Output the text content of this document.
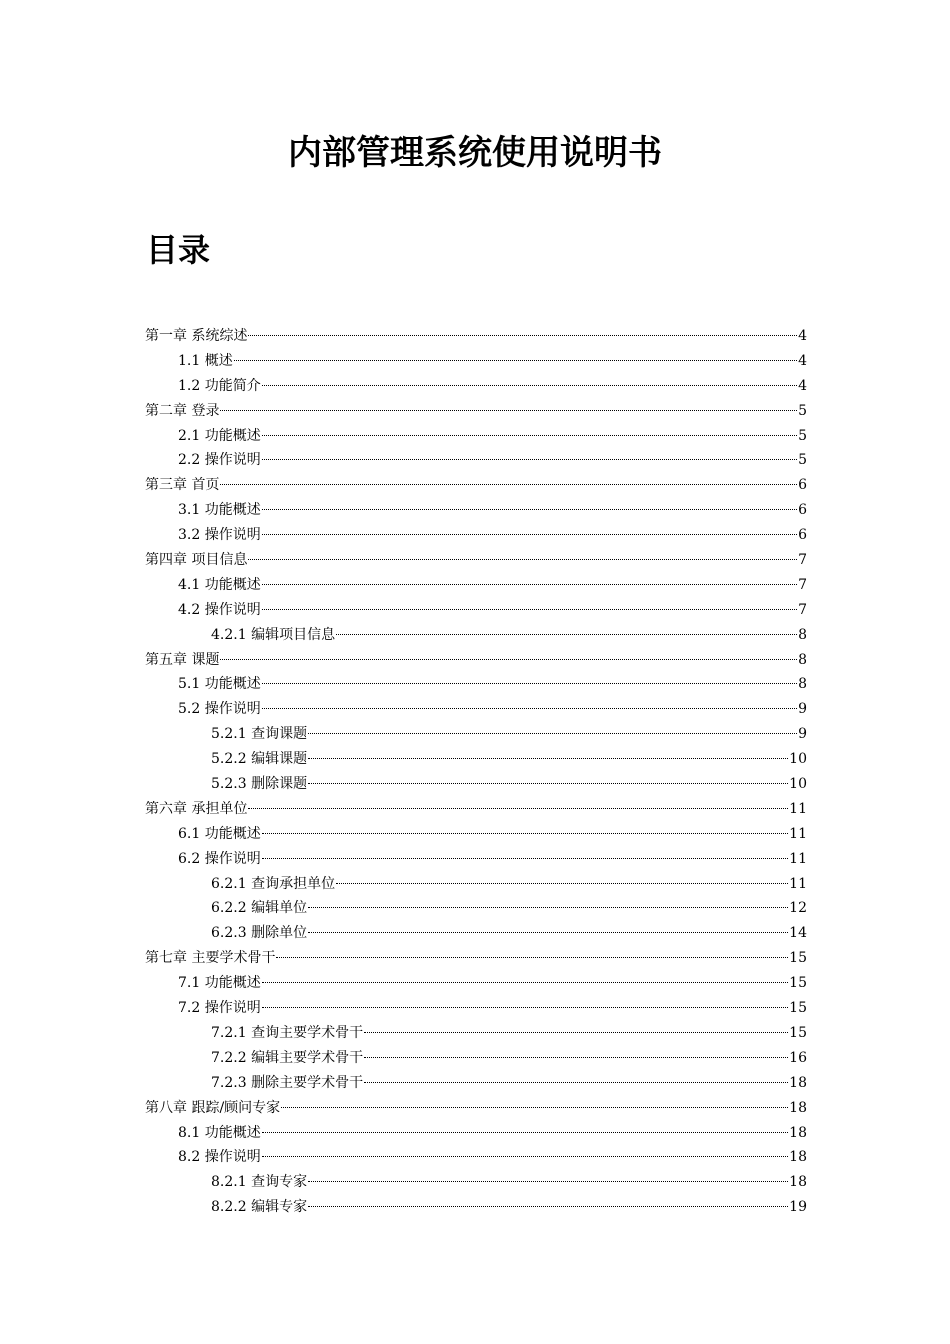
内部管理系统使用说明书
目录
第一章 系统综述	4
1.1 概述	4
1.2 功能简介	4
第二章 登录	5
2.1 功能概述	5
2.2 操作说明	5
第三章 首页	6
3.1 功能概述	6
3.2 操作说明	6
第四章 项目信息	7
4.1 功能概述	7
4.2 操作说明	7
4.2.1 编辑项目信息	8
第五章 课题	8
5.1 功能概述	8
5.2 操作说明	9
5.2.1 查询课题	9
5.2.2 编辑课题	10
5.2.3 删除课题	10
第六章 承担单位	11
6.1 功能概述	11
6.2 操作说明	11
6.2.1 查询承担单位	11
6.2.2 编辑单位	12
6.2.3 删除单位	14
第七章 主要学术骨干	15
7.1 功能概述	15
7.2 操作说明	15
7.2.1 查询主要学术骨干	15
7.2.2 编辑主要学术骨干	16
7.2.3 删除主要学术骨干	18
第八章 跟踪/顾问专家	18
8.1 功能概述	18
8.2 操作说明	18
8.2.1 查询专家	18
8.2.2 编辑专家	19
